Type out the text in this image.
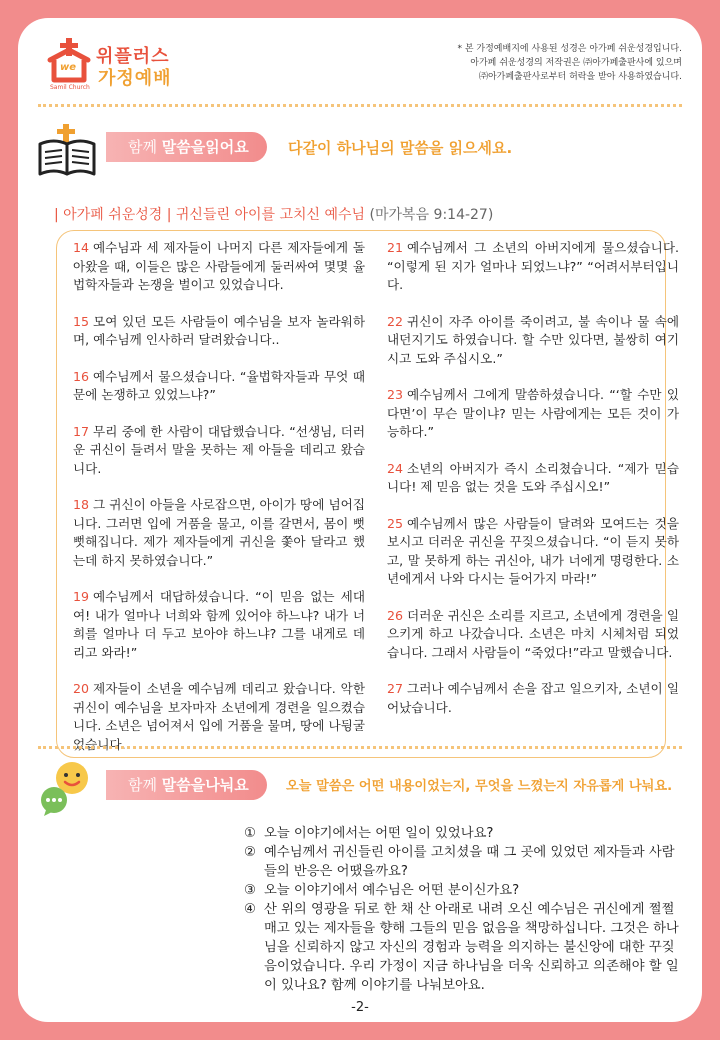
we
위플러스
가정예배
Samil Church
* 본 가정예배지에 사용된 성경은 아가페 쉬운성경입니다.
아가페 쉬운성경의 저작권은 ㈜아가페출판사에 있으며
㈜아가페출판사로부터 허락을 받아 사용하였습니다.
함께 말씀을읽어요	다같이 하나님의 말씀을 읽으세요.
| 아가페 쉬운성경 | 귀신들린 아이를 고치신 예수님 (마가복음 9:14-27)
14 예수님과 세 제자들이 나머지 다른 제자들에게 돌아왔을 때, 이들은 많은 사람들에게 둘러싸여 몇몇 율법학자들과 논쟁을 벌이고 있었습니다.
15 모여 있던 모든 사람들이 예수님을 보자 놀라워하며, 예수님께 인사하러 달려왔습니다..
16 예수님께서 물으셨습니다. “율법학자들과 무엇 때문에 논쟁하고 있었느냐?”
17 무리 중에 한 사람이 대답했습니다. “선생님, 더러운 귀신이 들려서 말을 못하는 제 아들을 데리고 왔습니다.
18 그 귀신이 아들을 사로잡으면, 아이가 땅에 넘어집니다. 그러면 입에 거품을 물고, 이를 갈면서, 몸이 뻣뻣해집니다. 제가 제자들에게 귀신을 쫓아 달라고 했는데 하지 못하였습니다.”
19 예수님께서 대답하셨습니다. “이 믿음 없는 세대여! 내가 얼마나 너희와 함께 있어야 하느냐? 내가 너희를 얼마나 더 두고 보아야 하느냐? 그를 내게로 데리고 와라!”
20 제자들이 소년을 예수님께 데리고 왔습니다. 악한 귀신이 예수님을 보자마자 소년에게 경련을 일으켰습니다. 소년은 넘어져서 입에 거품을 물며, 땅에 나뒹굴었습니다.
21 예수님께서 그 소년의 아버지에게 물으셨습니다. “이렇게 된 지가 얼마나 되었느냐?” “어려서부터입니다.
22 귀신이 자주 아이를 죽이려고, 불 속이나 물 속에 내던지기도 하였습니다. 할 수만 있다면, 불쌍히 여기시고 도와 주십시오.”
23 예수님께서 그에게 말씀하셨습니다. “‘할 수만 있다면’이 무슨 말이냐? 믿는 사람에게는 모든 것이 가능하다.”
24 소년의 아버지가 즉시 소리쳤습니다. “제가 믿습니다! 제 믿음 없는 것을 도와 주십시오!”
25 예수님께서 많은 사람들이 달려와 모여드는 것을 보시고 더러운 귀신을 꾸짖으셨습니다. “이 듣지 못하고, 말 못하게 하는 귀신아, 내가 너에게 명령한다. 소년에게서 나와 다시는 들어가지 마라!”
26 더러운 귀신은 소리를 지르고, 소년에게 경련을 일으키게 하고 나갔습니다. 소년은 마치 시체처럼 되었습니다. 그래서 사람들이 “죽었다!”라고 말했습니다.
27 그러나 예수님께서 손을 잡고 일으키자, 소년이 일어났습니다.
함께 말씀을나눠요	오늘 말씀은 어떤 내용이었는지, 무엇을 느꼈는지 자유롭게 나눠요.
① 오늘 이야기에서는 어떤 일이 있었나요?
② 예수님께서 귀신들린 아이를 고치셨을 때 그 곳에 있었던 제자들과 사람들의 반응은 어땠을까요?
③ 오늘 이야기에서 예수님은 어떤 분이신가요?
④ 산 위의 영광을 뒤로 한 채 산 아래로 내려 오신 예수님은 귀신에게 쩔쩔매고 있는 제자들을 향해 그들의 믿음 없음을 책망하십니다. 그것은 하나님을 신뢰하지 않고 자신의 경험과 능력을 의지하는 불신앙에 대한 꾸짖음이었습니다. 우리 가정이 지금 하나님을 더욱 신뢰하고 의존해야 할 일이 있나요? 함께 이야기를 나눠보아요.
-2-
